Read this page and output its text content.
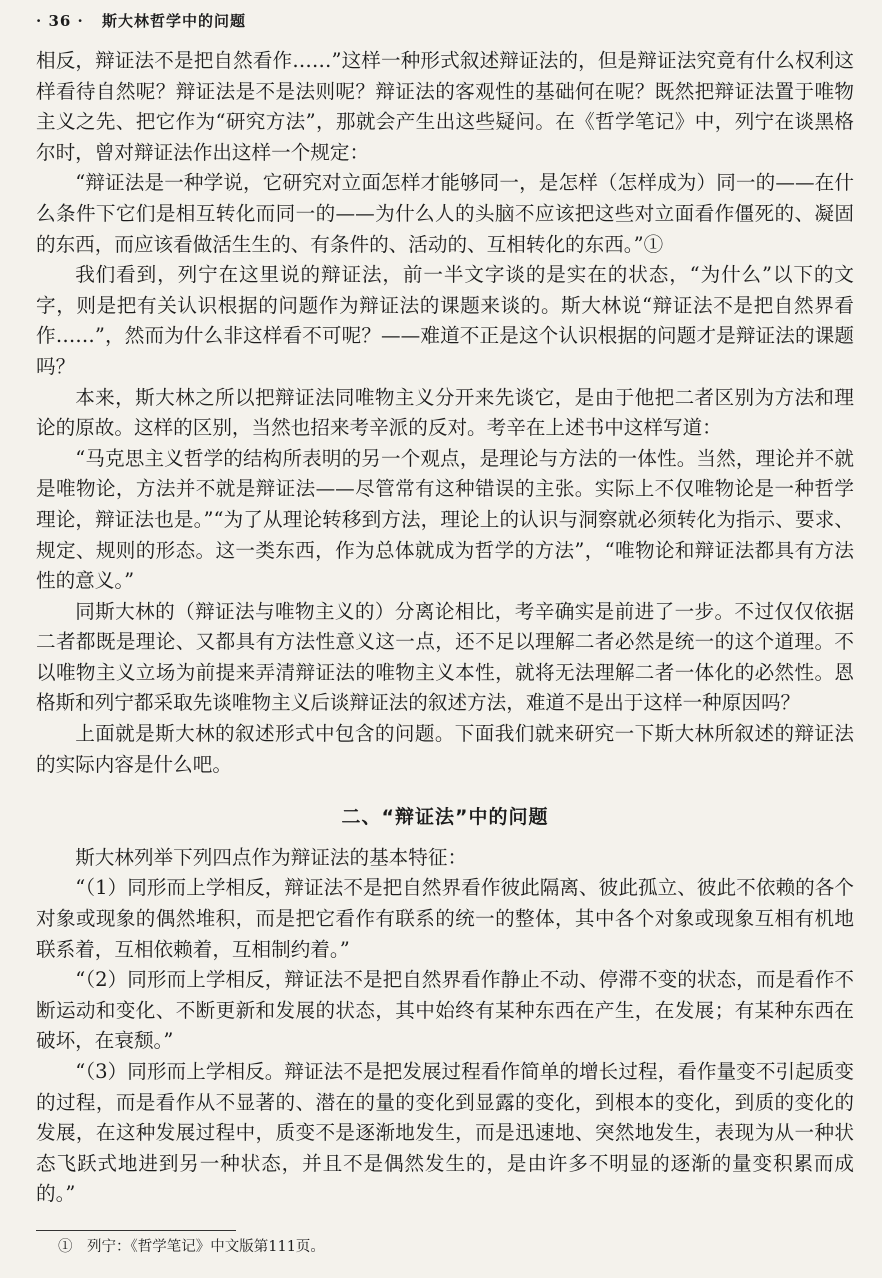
· 36 · 斯大林哲学中的问题

相反，辩证法不是把自然看作……”这样一种形式叙述辩证法的，但是辩证法究竟有什么权利这样看待自然呢？辩证法是不是法则呢？辩证法的客观性的基础何在呢？既然把辩证法置于唯物主义之先、把它作为“研究方法”，那就会产生出这些疑问。在《哲学笔记》中，列宁在谈黑格尔时，曾对辩证法作出这样一个规定：

“辩证法是一种学说，它研究对立面怎样才能够同一，是怎样（怎样成为）同一的——在什么条件下它们是相互转化而同一的——为什么人的头脑不应该把这些对立面看作僵死的、凝固的东西，而应该看做活生生的、有条件的、活动的、互相转化的东西。”①

我们看到，列宁在这里说的辩证法，前一半文字谈的是实在的状态，“为什么”以下的文字，则是把有关认识根据的问题作为辩证法的课题来谈的。斯大林说“辩证法不是把自然界看作……”，然而为什么非这样看不可呢？——难道不正是这个认识根据的问题才是辩证法的课题吗？

本来，斯大林之所以把辩证法同唯物主义分开来先谈它，是由于他把二者区别为方法和理论的原故。这样的区别，当然也招来考辛派的反对。考辛在上述书中这样写道：

“马克思主义哲学的结构所表明的另一个观点，是理论与方法的一体性。当然，理论并不就是唯物论，方法并不就是辩证法——尽管常有这种错误的主张。实际上不仅唯物论是一种哲学理论，辩证法也是。”“为了从理论转移到方法，理论上的认识与洞察就必须转化为指示、要求、规定、规则的形态。这一类东西，作为总体就成为哲学的方法”，“唯物论和辩证法都具有方法性的意义。”

同斯大林的（辩证法与唯物主义的）分离论相比，考辛确实是前进了一步。不过仅仅依据二者都既是理论、又都具有方法性意义这一点，还不足以理解二者必然是统一的这个道理。不以唯物主义立场为前提来弄清辩证法的唯物主义本性，就将无法理解二者一体化的必然性。恩格斯和列宁都采取先谈唯物主义后谈辩证法的叙述方法，难道不是出于这样一种原因吗？

上面就是斯大林的叙述形式中包含的问题。下面我们就来研究一下斯大林所叙述的辩证法的实际内容是什么吧。

二、“辩证法”中的问题

斯大林列举下列四点作为辩证法的基本特征：

“（1）同形而上学相反，辩证法不是把自然界看作彼此隔离、彼此孤立、彼此不依赖的各个对象或现象的偶然堆积，而是把它看作有联系的统一的整体，其中各个对象或现象互相有机地联系着，互相依赖着，互相制约着。”

“（2）同形而上学相反，辩证法不是把自然界看作静止不动、停滞不变的状态，而是看作不断运动和变化、不断更新和发展的状态，其中始终有某种东西在产生，在发展；有某种东西在破坏，在衰颓。”

“（3）同形而上学相反。辩证法不是把发展过程看作简单的增长过程，看作量变不引起质变的过程，而是看作从不显著的、潜在的量的变化到显露的变化，到根本的变化，到质的变化的发展，在这种发展过程中，质变不是逐渐地发生，而是迅速地、突然地发生，表现为从一种状态飞跃式地进到另一种状态，并且不是偶然发生的，是由许多不明显的逐渐的量变积累而成的。”

①　列宁：《哲学笔记》中文版第111页。
